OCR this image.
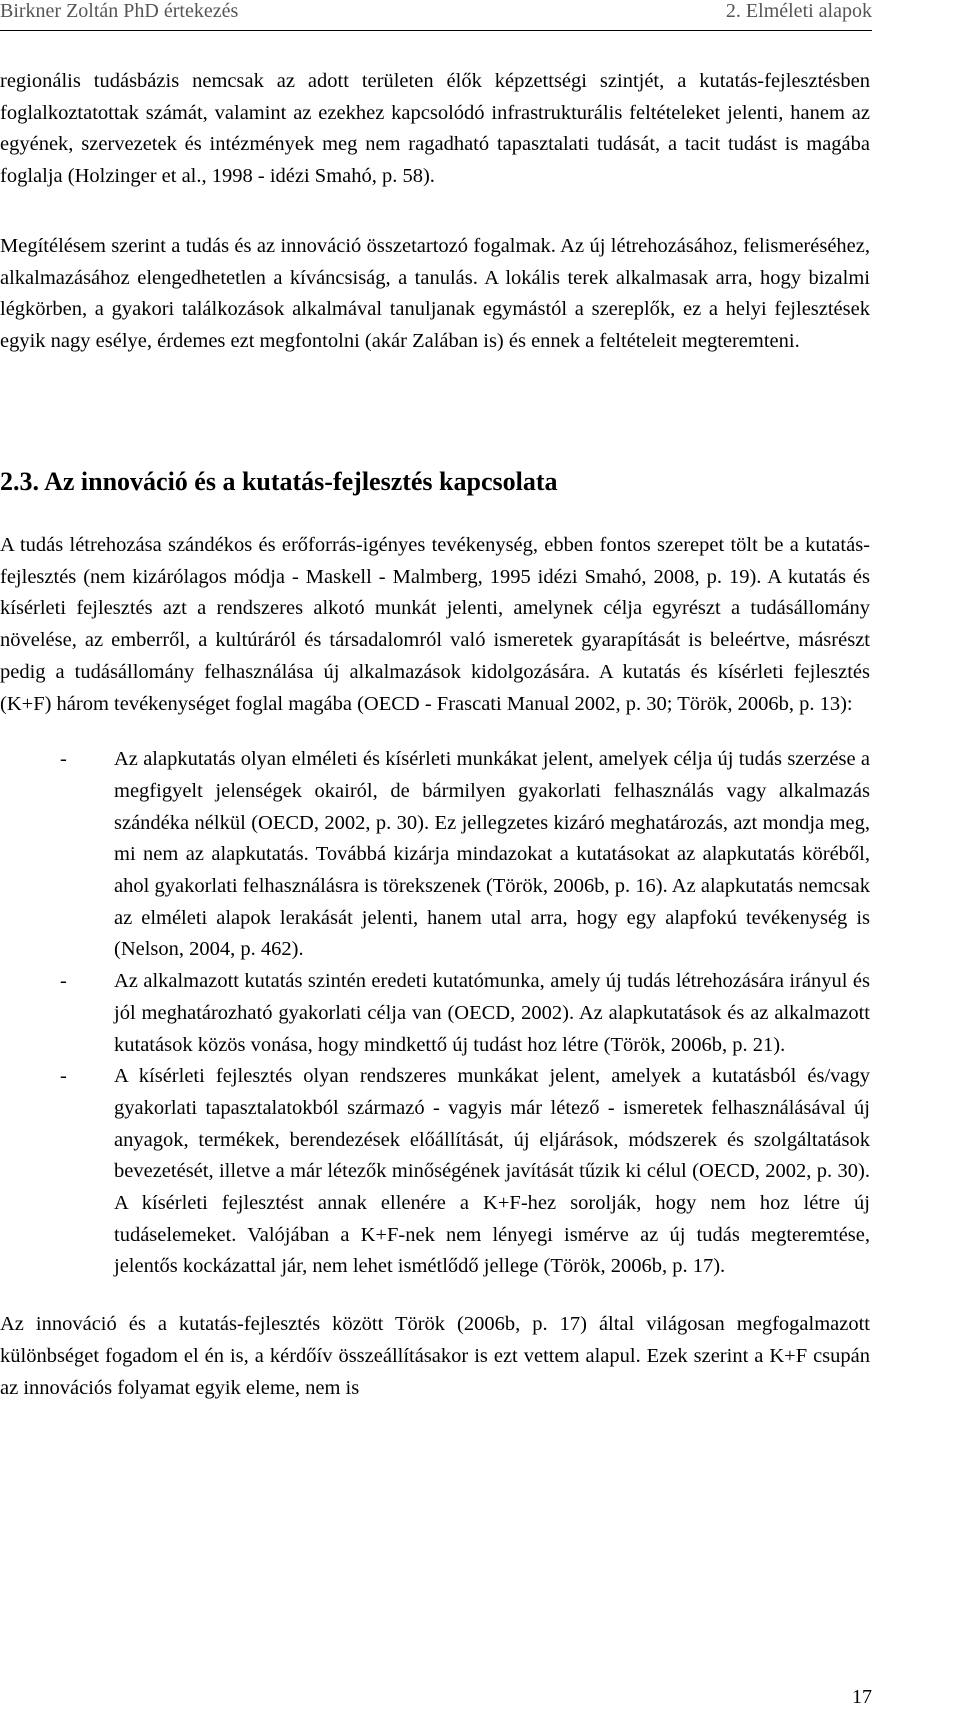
Birkner Zoltán PhD értekezés	2. Elméleti alapok

regionális tudásbázis nemcsak az adott területen élők képzettségi szintjét, a kutatás-fejlesztésben foglalkoztatottak számát, valamint az ezekhez kapcsolódó infrastrukturális feltételeket jelenti, hanem az egyének, szervezetek és intézmények meg nem ragadható tapasztalati tudását, a tacit tudást is magába foglalja (Holzinger et al., 1998 - idézi Smahó, p. 58).

Megítélésem szerint a tudás és az innováció összetartozó fogalmak. Az új létrehozásához, felismeréséhez, alkalmazásához elengedhetetlen a kíváncsiság, a tanulás. A lokális terek alkalmasak arra, hogy bizalmi légkörben, a gyakori találkozások alkalmával tanuljanak egymástól a szereplők, ez a helyi fejlesztések egyik nagy esélye, érdemes ezt megfontolni (akár Zalában is) és ennek a feltételeit megteremteni.

2.3. Az innováció és a kutatás-fejlesztés kapcsolata

A tudás létrehozása szándékos és erőforrás-igényes tevékenység, ebben fontos szerepet tölt be a kutatás-fejlesztés (nem kizárólagos módja - Maskell - Malmberg, 1995 idézi Smahó, 2008, p. 19). A kutatás és kísérleti fejlesztés azt a rendszeres alkotó munkát jelenti, amelynek célja egyrészt a tudásállomány növelése, az emberről, a kultúráról és társadalomról való ismeretek gyarapítását is beleértve, másrészt pedig a tudásállomány felhasználása új alkalmazások kidolgozására. A kutatás és kísérleti fejlesztés (K+F) három tevékenységet foglal magába (OECD - Frascati Manual 2002, p. 30; Török, 2006b, p. 13):

- Az alapkutatás olyan elméleti és kísérleti munkákat jelent, amelyek célja új tudás szerzése a megfigyelt jelenségek okairól, de bármilyen gyakorlati felhasználás vagy alkalmazás szándéka nélkül (OECD, 2002, p. 30). Ez jellegzetes kizáró meghatározás, azt mondja meg, mi nem az alapkutatás. Továbbá kizárja mindazokat a kutatásokat az alapkutatás köréből, ahol gyakorlati felhasználásra is törekszenek (Török, 2006b, p. 16). Az alapkutatás nemcsak az elméleti alapok lerakását jelenti, hanem utal arra, hogy egy alapfokú tevékenység is (Nelson, 2004, p. 462).
- Az alkalmazott kutatás szintén eredeti kutatómunka, amely új tudás létrehozására irányul és jól meghatározható gyakorlati célja van (OECD, 2002). Az alapkutatások és az alkalmazott kutatások közös vonása, hogy mindkettő új tudást hoz létre (Török, 2006b, p. 21).
- A kísérleti fejlesztés olyan rendszeres munkákat jelent, amelyek a kutatásból és/vagy gyakorlati tapasztalatokból származó - vagyis már létező - ismeretek felhasználásával új anyagok, termékek, berendezések előállítását, új eljárások, módszerek és szolgáltatások bevezetését, illetve a már létezők minőségének javítását tűzik ki célul (OECD, 2002, p. 30). A kísérleti fejlesztést annak ellenére a K+F-hez sorolják, hogy nem hoz létre új tudáselemeket. Valójában a K+F-nek nem lényegi ismérve az új tudás megteremtése, jelentős kockázattal jár, nem lehet ismétlődő jellege (Török, 2006b, p. 17).

Az innováció és a kutatás-fejlesztés között Török (2006b, p. 17) által világosan megfogalmazott különbséget fogadom el én is, a kérdőív összeállításakor is ezt vettem alapul. Ezek szerint a K+F csupán az innovációs folyamat egyik eleme, nem is

17
